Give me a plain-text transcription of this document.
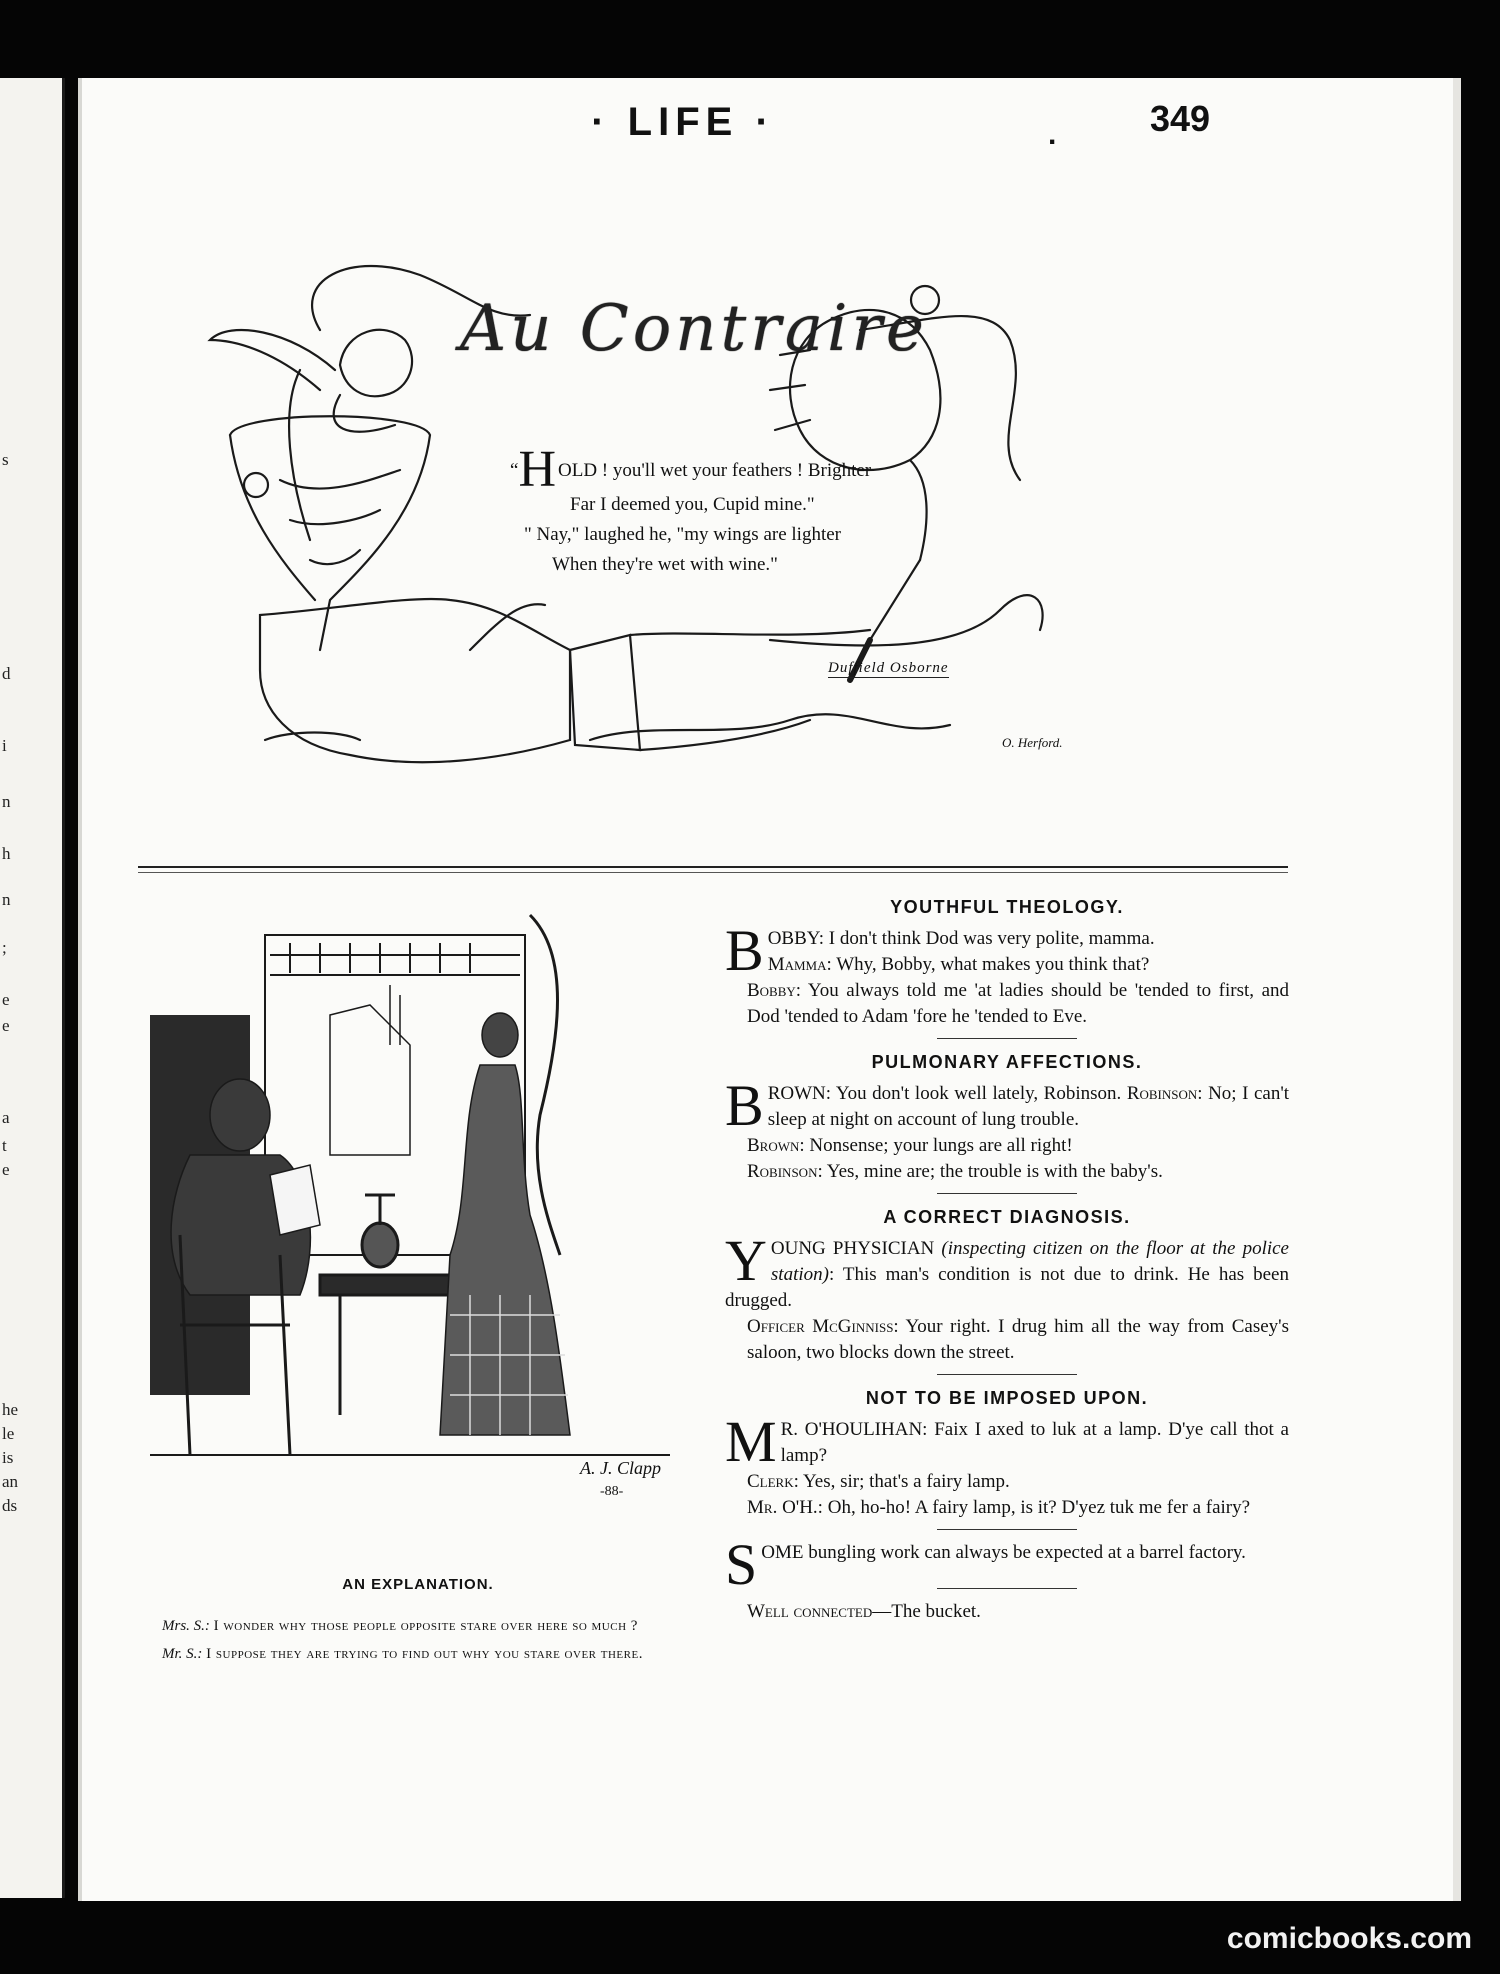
s
d
i
n
h
n
;
e
e
a
t
e
he
le
is
an
ds
· LIFE ·	.	349
Au Contraire
“H OLD ! you'll wet your feathers ! Brighter
Far I deemed you, Cupid mine."
" Nay," laughed he, "my wings are lighter
When they're wet with wine."
Duffield Osborne
O. Herford.
A. J. Clapp
-88-
AN EXPLANATION.
Mrs. S.: I wonder why those people opposite stare over here so much ?
Mr. S.: I suppose they are trying to find out why you stare over there.
YOUTHFUL THEOLOGY.

BOBBY: I don't think Dod was very polite, mamma.

Mamma: Why, Bobby, what makes you think that?

Bobby: You always told me 'at ladies should be 'tended to first, and Dod 'tended to Adam 'fore he 'tended to Eve.

PULMONARY AFFECTIONS.

BROWN: You don't look well lately, Robinson. Robinson: No; I can't sleep at night on account of lung trouble.

Brown: Nonsense; your lungs are all right!

Robinson: Yes, mine are; the trouble is with the baby's.

A CORRECT DIAGNOSIS.

YOUNG PHYSICIAN (inspecting citizen on the floor at the police station): This man's condition is not due to drink. He has been drugged.

Officer McGinniss: Your right. I drug him all the way from Casey's saloon, two blocks down the street.

NOT TO BE IMPOSED UPON.

M R. O'HOULIHAN: Faix I axed to luk at a lamp. D'ye call thot a lamp?

Clerk: Yes, sir; that's a fairy lamp.

Mr. O'H.: Oh, ho-ho! A fairy lamp, is it? D'yez tuk me fer a fairy?

SOME bungling work can always be expected at a barrel factory.

Well connected—The bucket.

comicbooks.com
